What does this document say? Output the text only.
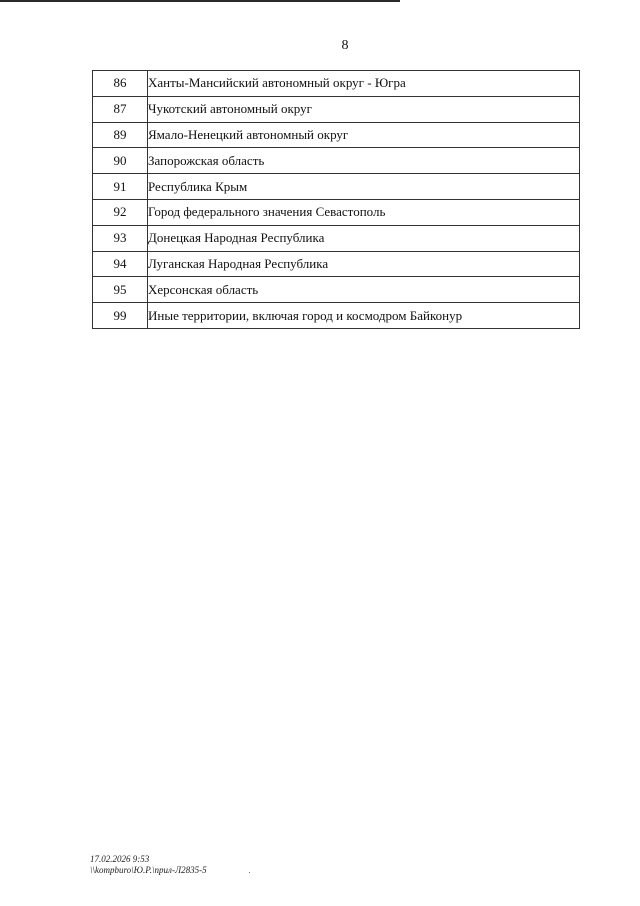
8
86	Ханты-Мансийский автономный округ - Югра
87	Чукотский автономный округ
89	Ямало-Ненецкий автономный округ
90	Запорожская область
91	Республика Крым
92	Город федерального значения Севастополь
93	Донецкая Народная Республика
94	Луганская Народная Республика
95	Херсонская область
99	Иные территории, включая город и космодром Байконур
17.02.2026 9:53
\\kompburo\Ю.Р.\прил-Л2835-5
